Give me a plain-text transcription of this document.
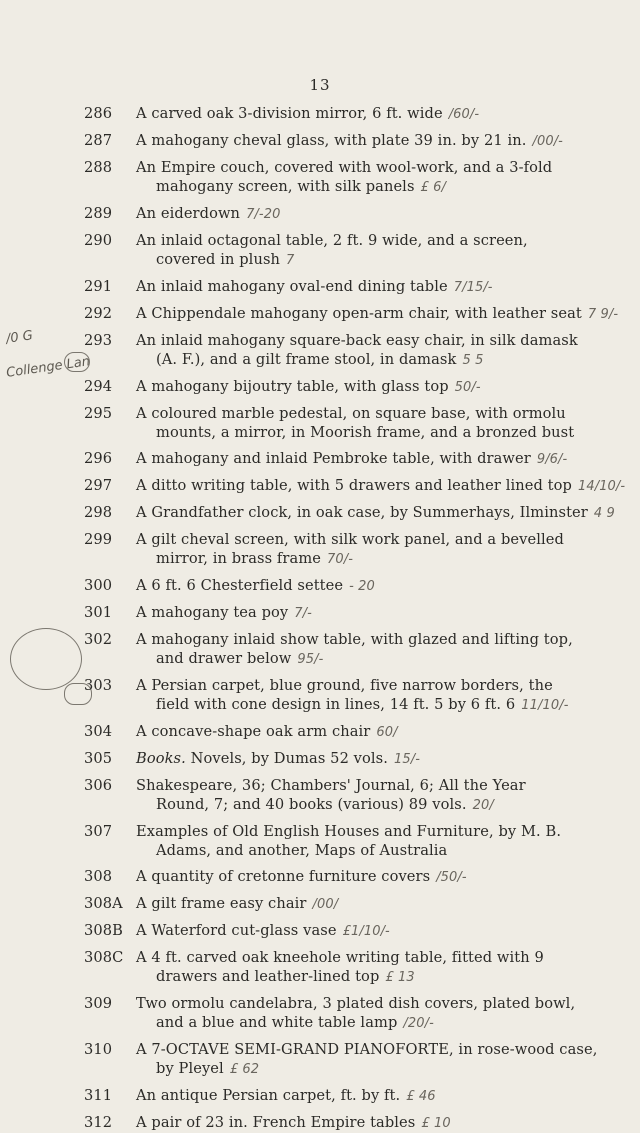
13
/0 G
Collenge Lan
286	A carved oak 3-division mirror, 6 ft. wide /60/-
287	A mahogany cheval glass, with plate 39 in. by 21 in. /00/-
288	An Empire couch, covered with wool-work, and a 3-fold
mahogany screen, with silk panels £ 6/
289	An eiderdown 7/-20
290	An inlaid octagonal table, 2 ft. 9 wide, and a screen,
covered in plush 7
291	An inlaid mahogany oval-end dining table 7/15/-
292	A Chippendale mahogany open-arm chair, with leather seat 7 9/-
293	An inlaid mahogany square-back easy chair, in silk damask
(A. F.), and a gilt frame stool, in damask 5 5
294	A mahogany bijoutry table, with glass top 50/-
295	A coloured marble pedestal, on square base, with ormolu
mounts, a mirror, in Moorish frame, and a bronzed bust
296	A mahogany and inlaid Pembroke table, with drawer 9/6/-
297	A ditto writing table, with 5 drawers and leather lined top 14/10/-
298	A Grandfather clock, in oak case, by Summerhays, Ilminster 4 9
299	A gilt cheval screen, with silk work panel, and a bevelled
mirror, in brass frame 70/-
300	A 6 ft. 6 Chesterfield settee - 20
301	A mahogany tea poy 7/-
302	A mahogany inlaid show table, with glazed and lifting top,
and drawer below 95/-
303	A Persian carpet, blue ground, five narrow borders, the
field with cone design in lines, 14 ft. 5 by 6 ft. 6 11/10/-
304	A concave-shape oak arm chair 60/
305	Books. Novels, by Dumas 52 vols. 15/-
306	Shakespeare, 36; Chambers' Journal, 6; All the Year
Round, 7; and 40 books (various) 89 vols. 20/
307	Examples of Old English Houses and Furniture, by M. B.
Adams, and another, Maps of Australia
308	A quantity of cretonne furniture covers /50/-
308A A gilt frame easy chair /00/
308B A Waterford cut-glass vase £1/10/-
308C A 4 ft. carved oak kneehole writing table, fitted with 9
drawers and leather-lined top £ 13
309	Two ormolu candelabra, 3 plated dish covers, plated bowl,
and a blue and white table lamp /20/-
310	A 7-OCTAVE SEMI-GRAND PIANOFORTE, in rose-wood case,
by Pleyel £ 62
311	An antique Persian carpet, ft. by ft. £ 46
312	A pair of 23 in. French Empire tables £ 10
